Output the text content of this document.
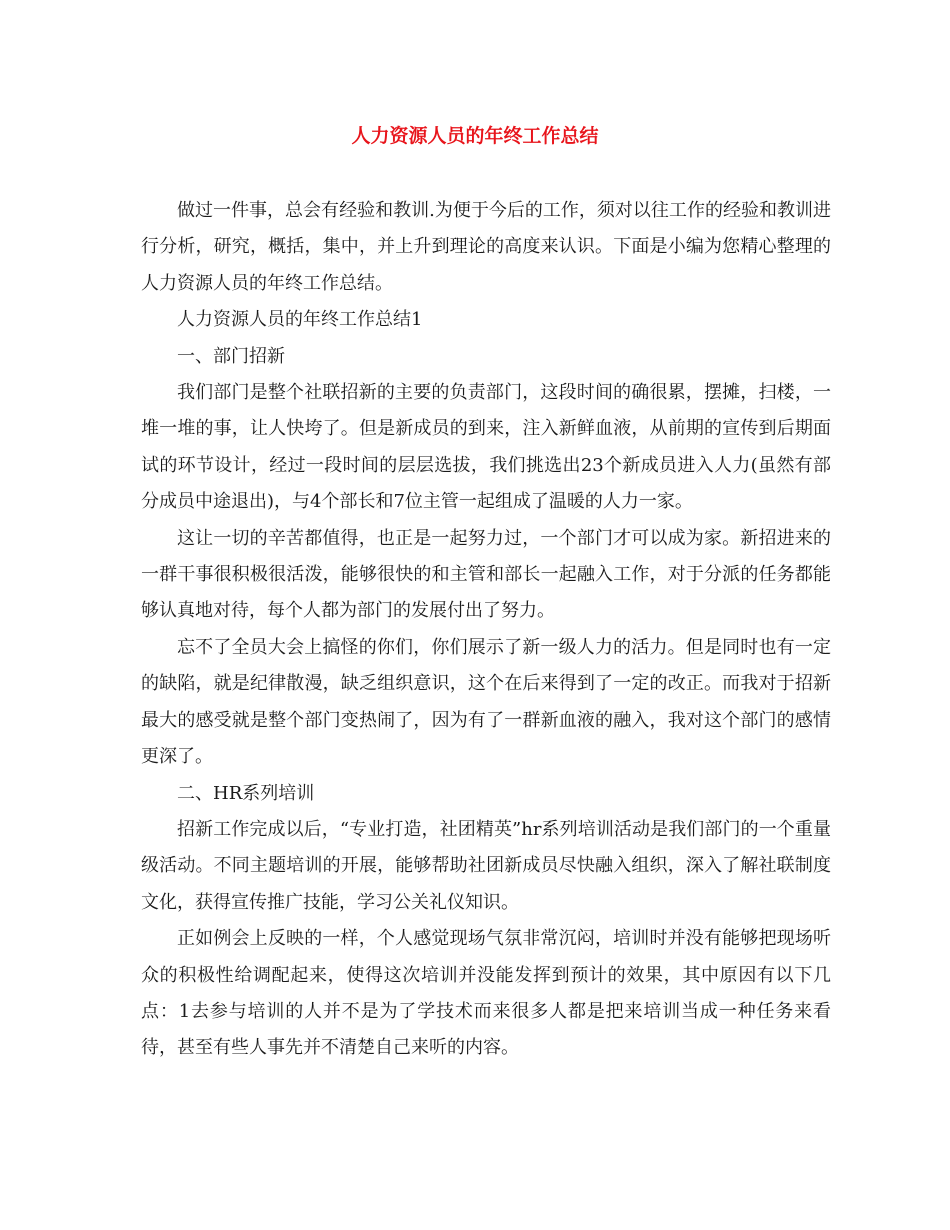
人力资源人员的年终工作总结

做过一件事，总会有经验和教训.为便于今后的工作，须对以往工作的经验和教训进行分析，研究，概括，集中，并上升到理论的高度来认识。下面是小编为您精心整理的人力资源人员的年终工作总结。

人力资源人员的年终工作总结1

一、部门招新

我们部门是整个社联招新的主要的负责部门，这段时间的确很累，摆摊，扫楼，一堆一堆的事，让人快垮了。但是新成员的到来，注入新鲜血液，从前期的宣传到后期面试的环节设计，经过一段时间的层层选拔，我们挑选出23个新成员进入人力(虽然有部分成员中途退出)，与4个部长和7位主管一起组成了温暖的人力一家。

这让一切的辛苦都值得，也正是一起努力过，一个部门才可以成为家。新招进来的一群干事很积极很活泼，能够很快的和主管和部长一起融入工作，对于分派的任务都能够认真地对待，每个人都为部门的发展付出了努力。

忘不了全员大会上搞怪的你们，你们展示了新一级人力的活力。但是同时也有一定的缺陷，就是纪律散漫，缺乏组织意识，这个在后来得到了一定的改正。而我对于招新最大的感受就是整个部门变热闹了，因为有了一群新血液的融入，我对这个部门的感情更深了。

二、HR系列培训

招新工作完成以后，“专业打造，社团精英”hr系列培训活动是我们部门的一个重量级活动。不同主题培训的开展，能够帮助社团新成员尽快融入组织，深入了解社联制度文化，获得宣传推广技能，学习公关礼仪知识。

正如例会上反映的一样，个人感觉现场气氛非常沉闷，培训时并没有能够把现场听众的积极性给调配起来，使得这次培训并没能发挥到预计的效果，其中原因有以下几点：1去参与培训的人并不是为了学技术而来很多人都是把来培训当成一种任务来看待，甚至有些人事先并不清楚自己来听的内容。
